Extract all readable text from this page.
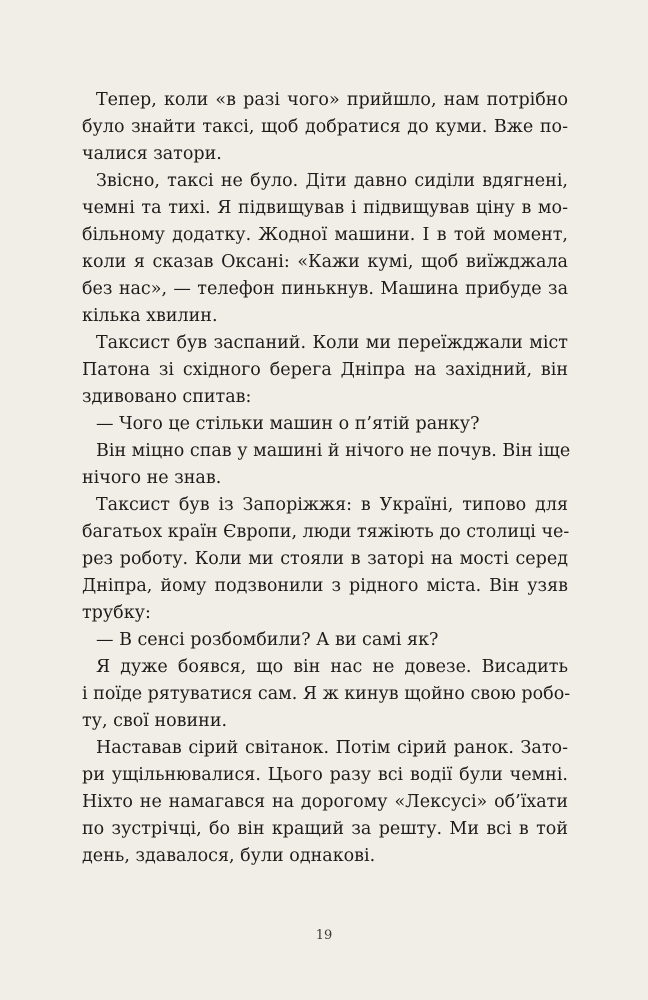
Тепер, коли «в разі чого» прийшло, нам потрібно
було знайти таксі, щоб добратися до куми. Вже по-
чалися затори.
Звісно, таксі не було. Діти давно сиділи вдягнені,
чемні та тихі. Я підвищував і підвищував ціну в мо-
більному додатку. Жодної машини. І в той момент,
коли я сказав Оксані: «Кажи кумі, щоб виїжджала
без нас», — телефон пинькнув. Машина прибуде за
кілька хвилин.
Таксист був заспаний. Коли ми переїжджали міст
Патона зі східного берега Дніпра на західний, він
здивовано спитав:
— Чого це стільки машин о п’ятій ранку?
Він міцно спав у машині й нічого не почув. Він іще
нічого не знав.
Таксист був із Запоріжжя: в Україні, типово для
багатьох країн Європи, люди тяжіють до столиці че-
рез роботу. Коли ми стояли в заторі на мості серед
Дніпра, йому подзвонили з рідного міста. Він узяв
трубку:
— В сенсі розбомбили? А ви самі як?
Я дуже боявся, що він нас не довезе. Висадить
і поїде рятуватися сам. Я ж кинув щойно свою робо-
ту, свої новини.
Наставав сірий світанок. Потім сірий ранок. Зато-
ри ущільнювалися. Цього разу всі водії були чемні.
Ніхто не намагався на дорогому «Лексусі» об’їхати
по зустрічці, бо він кращий за решту. Ми всі в той
день, здавалося, були однакові.
19
